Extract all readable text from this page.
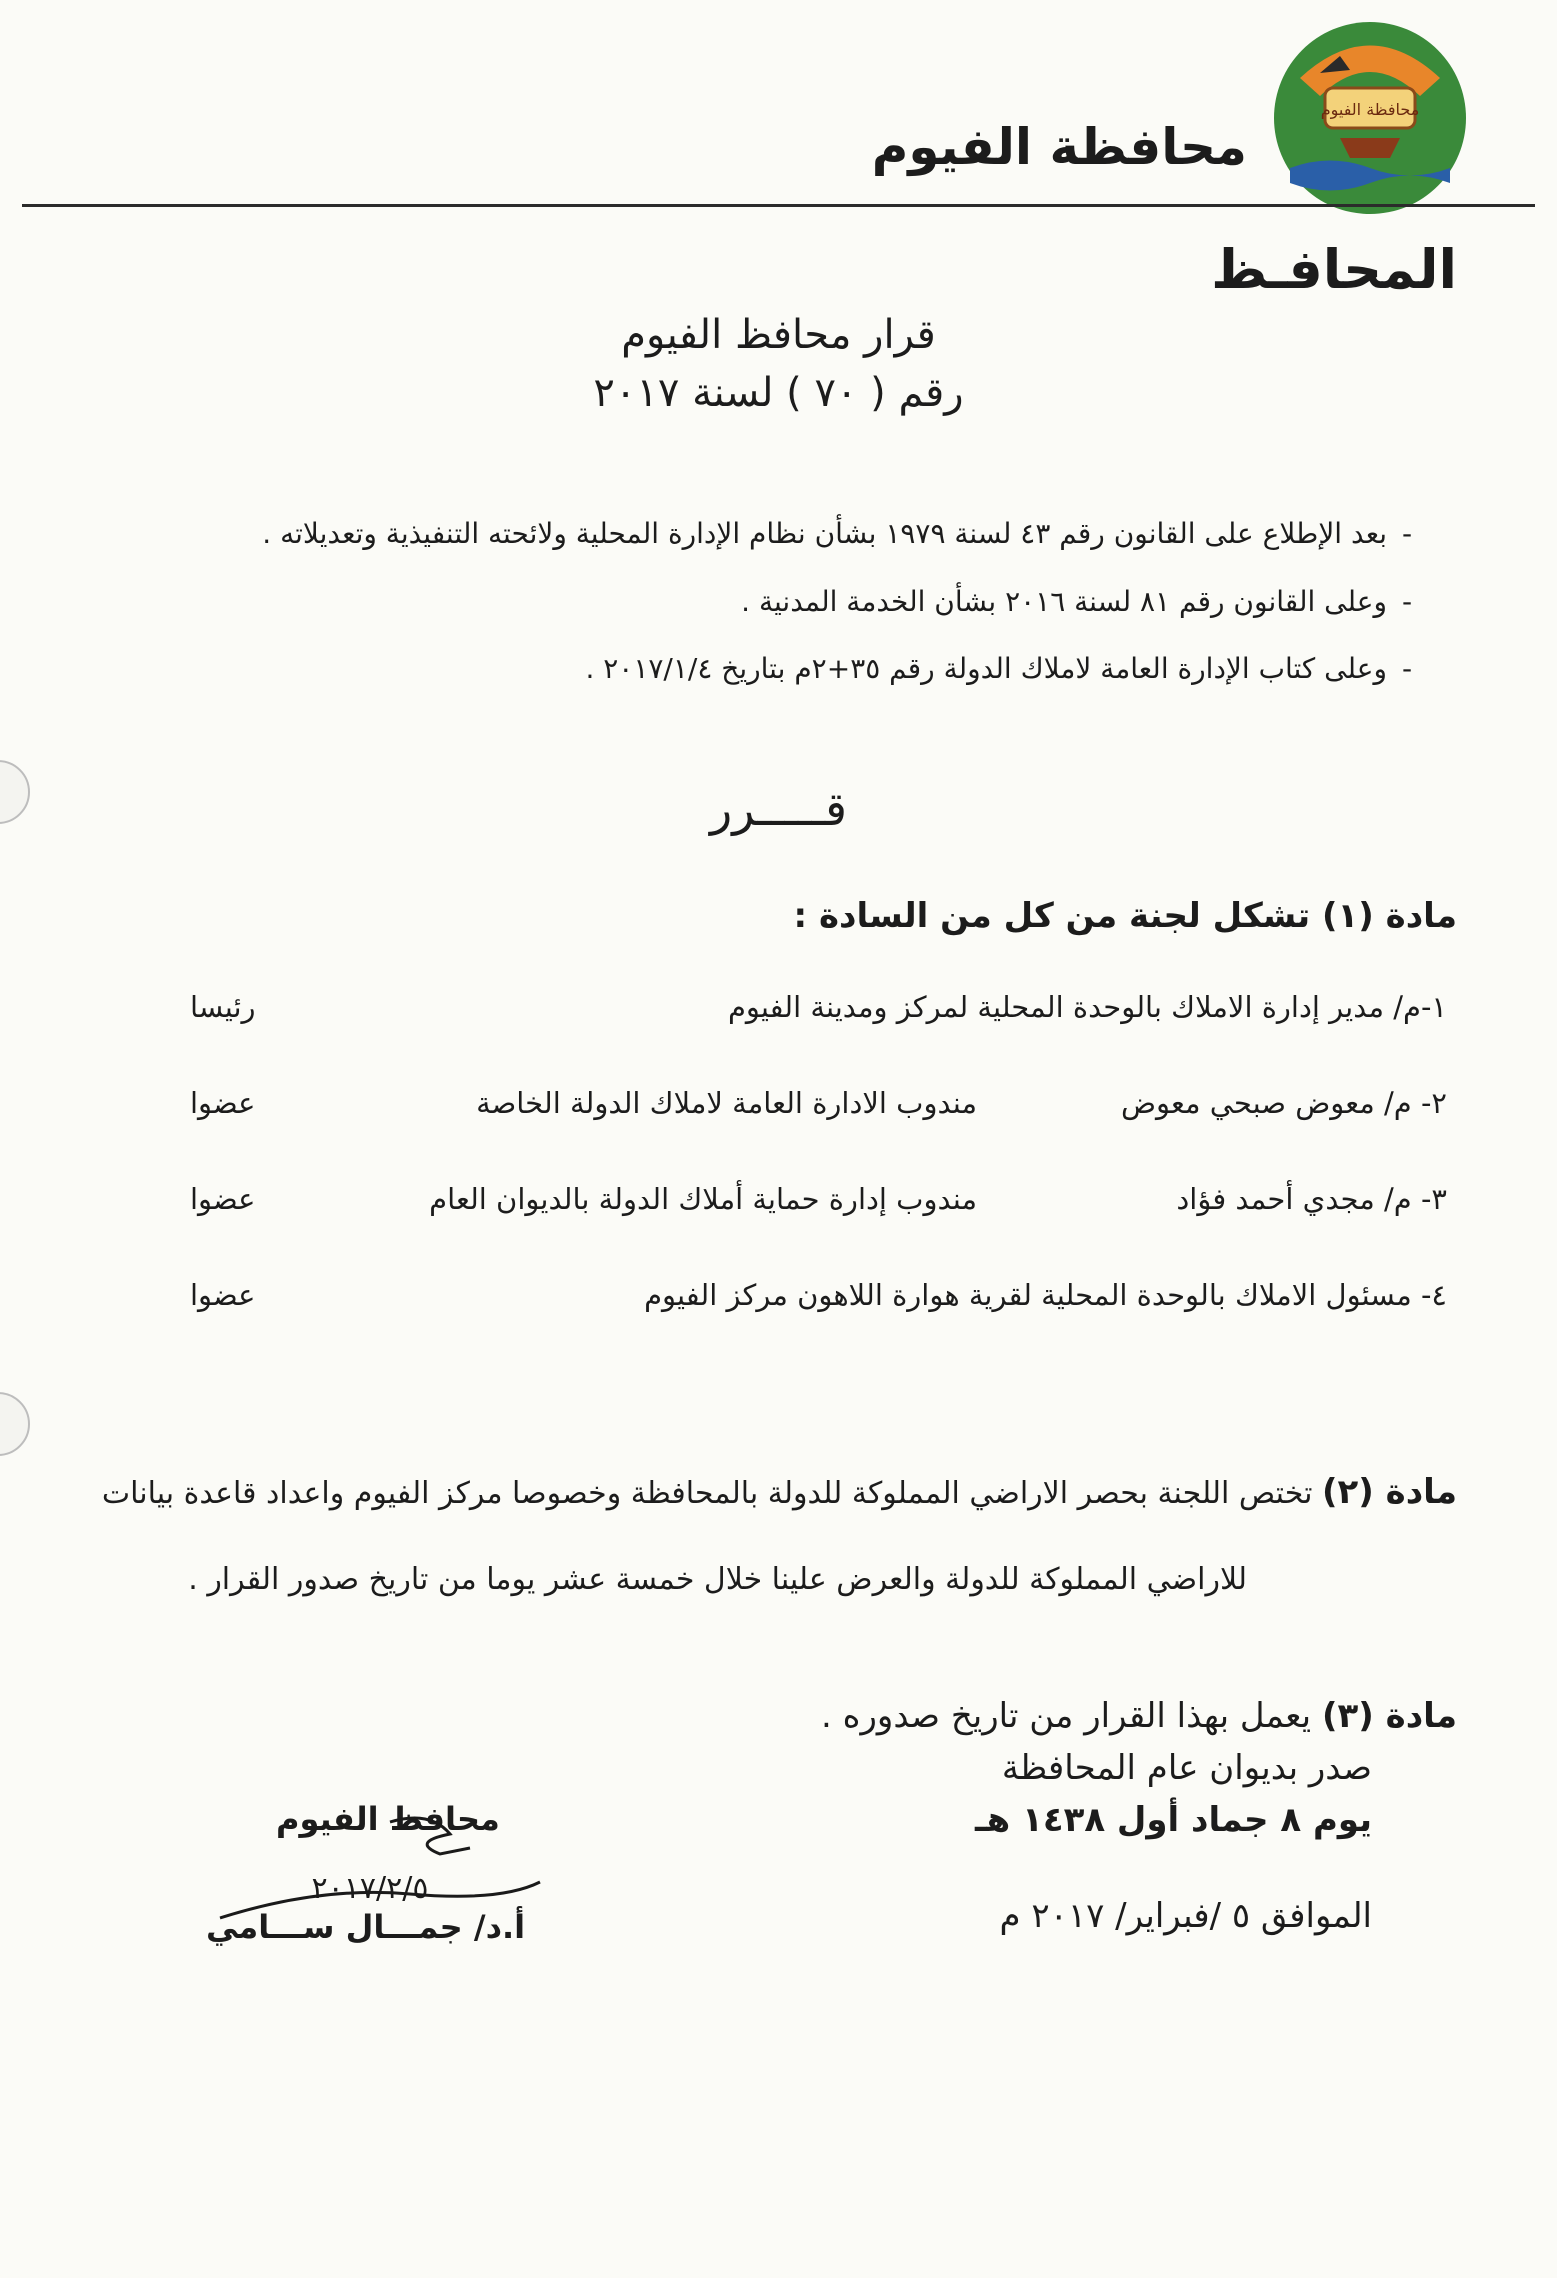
محافظة الفيوم
محافظة الفيوم
المحافـظ
قرار محافظ الفيوم
رقم ( ٧٠ ) لسنة ٢٠١٧
-بعد الإطلاع على القانون رقم ٤٣ لسنة ١٩٧٩ بشأن نظام الإدارة المحلية ولائحته التنفيذية وتعديلاته .
-وعلى القانون رقم ٨١ لسنة ٢٠١٦ بشأن الخدمة المدنية .
-وعلى كتاب الإدارة العامة لاملاك الدولة رقم ٣٥+٢م بتاريخ ٢٠١٧/١/٤ .
قـــــرر
مادة (١) تشكل لجنة من كل من السادة :
١-م/ مدير إدارة الاملاك بالوحدة المحلية لمركز ومدينة الفيوم
رئيسا
٢- م/ معوض صبحي معوض
مندوب الادارة العامة لاملاك الدولة الخاصة
عضوا
٣- م/ مجدي أحمد فؤاد
مندوب إدارة حماية أملاك الدولة بالديوان العام
عضوا
٤- مسئول الاملاك بالوحدة المحلية لقرية هوارة اللاهون مركز الفيوم
عضوا
مادة (٢) تختص اللجنة بحصر الاراضي المملوكة للدولة بالمحافظة وخصوصا مركز الفيوم واعداد قاعدة بيانات
للاراضي المملوكة للدولة والعرض علينا خلال خمسة عشر يوما من تاريخ صدور القرار .
مادة (٣) يعمل بهذا القرار من تاريخ صدوره .
صدر بديوان عام المحافظة
يوم ٨ جماد أول ١٤٣٨ هـ
الموافق ٥ /فبراير/ ٢٠١٧ م
محافظ الفيوم
٢٠١٧/٢/٥
أ.د/ جمـــال ســـامي
